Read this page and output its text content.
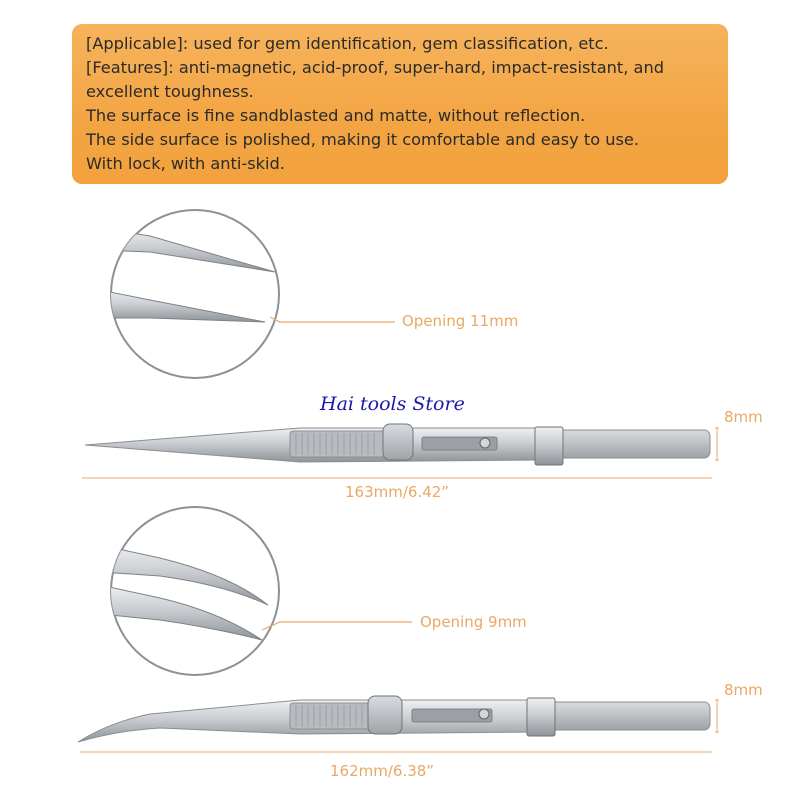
[Applicable]: used for gem identification, gem classification, etc.
[Features]: anti-magnetic, acid-proof, super-hard, impact-resistant, and
excellent toughness.
The surface is fine sandblasted and matte, without reflection.
The side surface is polished, making it comfortable and easy to use.
With lock, with anti-skid.
Opening 11mm
Hai tools Store
8mm
163mm/6.42”
Opening 9mm
8mm
162mm/6.38”
